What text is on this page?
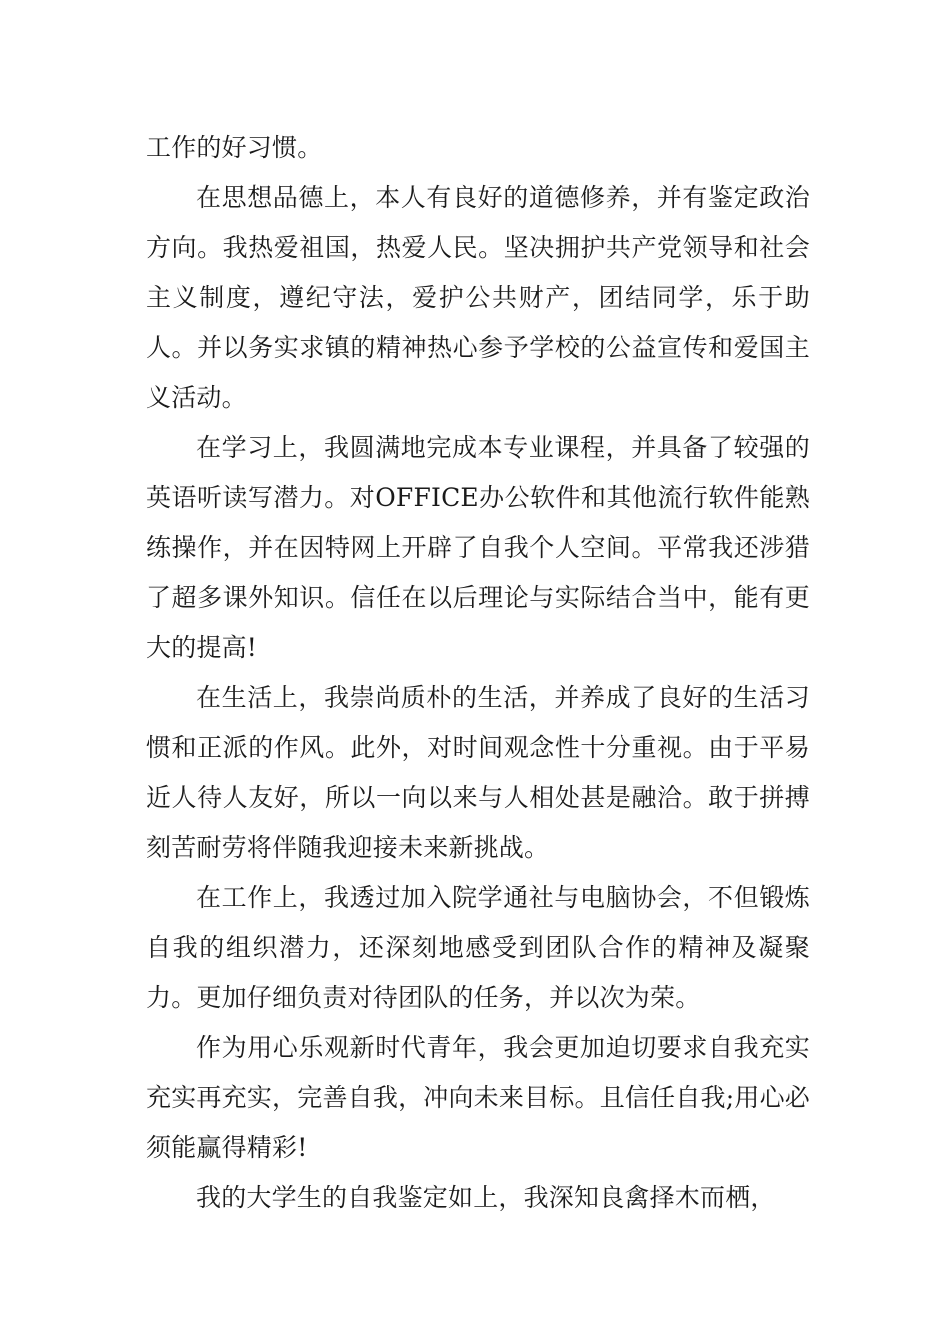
工作的好习惯。

在思想品德上，本人有良好的道德修养，并有鉴定政治方向。我热爱祖国，热爱人民。坚决拥护共产党领导和社会主义制度，遵纪守法，爱护公共财产，团结同学，乐于助人。并以务实求镇的精神热心参予学校的公益宣传和爱国主义活动。

在学习上，我圆满地完成本专业课程，并具备了较强的英语听读写潜力。对OFFICE办公软件和其他流行软件能熟练操作，并在因特网上开辟了自我个人空间。平常我还涉猎了超多课外知识。信任在以后理论与实际结合当中，能有更大的提高!

在生活上，我崇尚质朴的生活，并养成了良好的生活习惯和正派的作风。此外，对时间观念性十分重视。由于平易近人待人友好，所以一向以来与人相处甚是融洽。敢于拼搏刻苦耐劳将伴随我迎接未来新挑战。

在工作上，我透过加入院学通社与电脑协会，不但锻炼自我的组织潜力，还深刻地感受到团队合作的精神及凝聚力。更加仔细负责对待团队的任务，并以次为荣。

作为用心乐观新时代青年，我会更加迫切要求自我充实充实再充实，完善自我，冲向未来目标。且信任自我;用心必须能赢得精彩!

我的大学生的自我鉴定如上，我深知良禽择木而栖，
